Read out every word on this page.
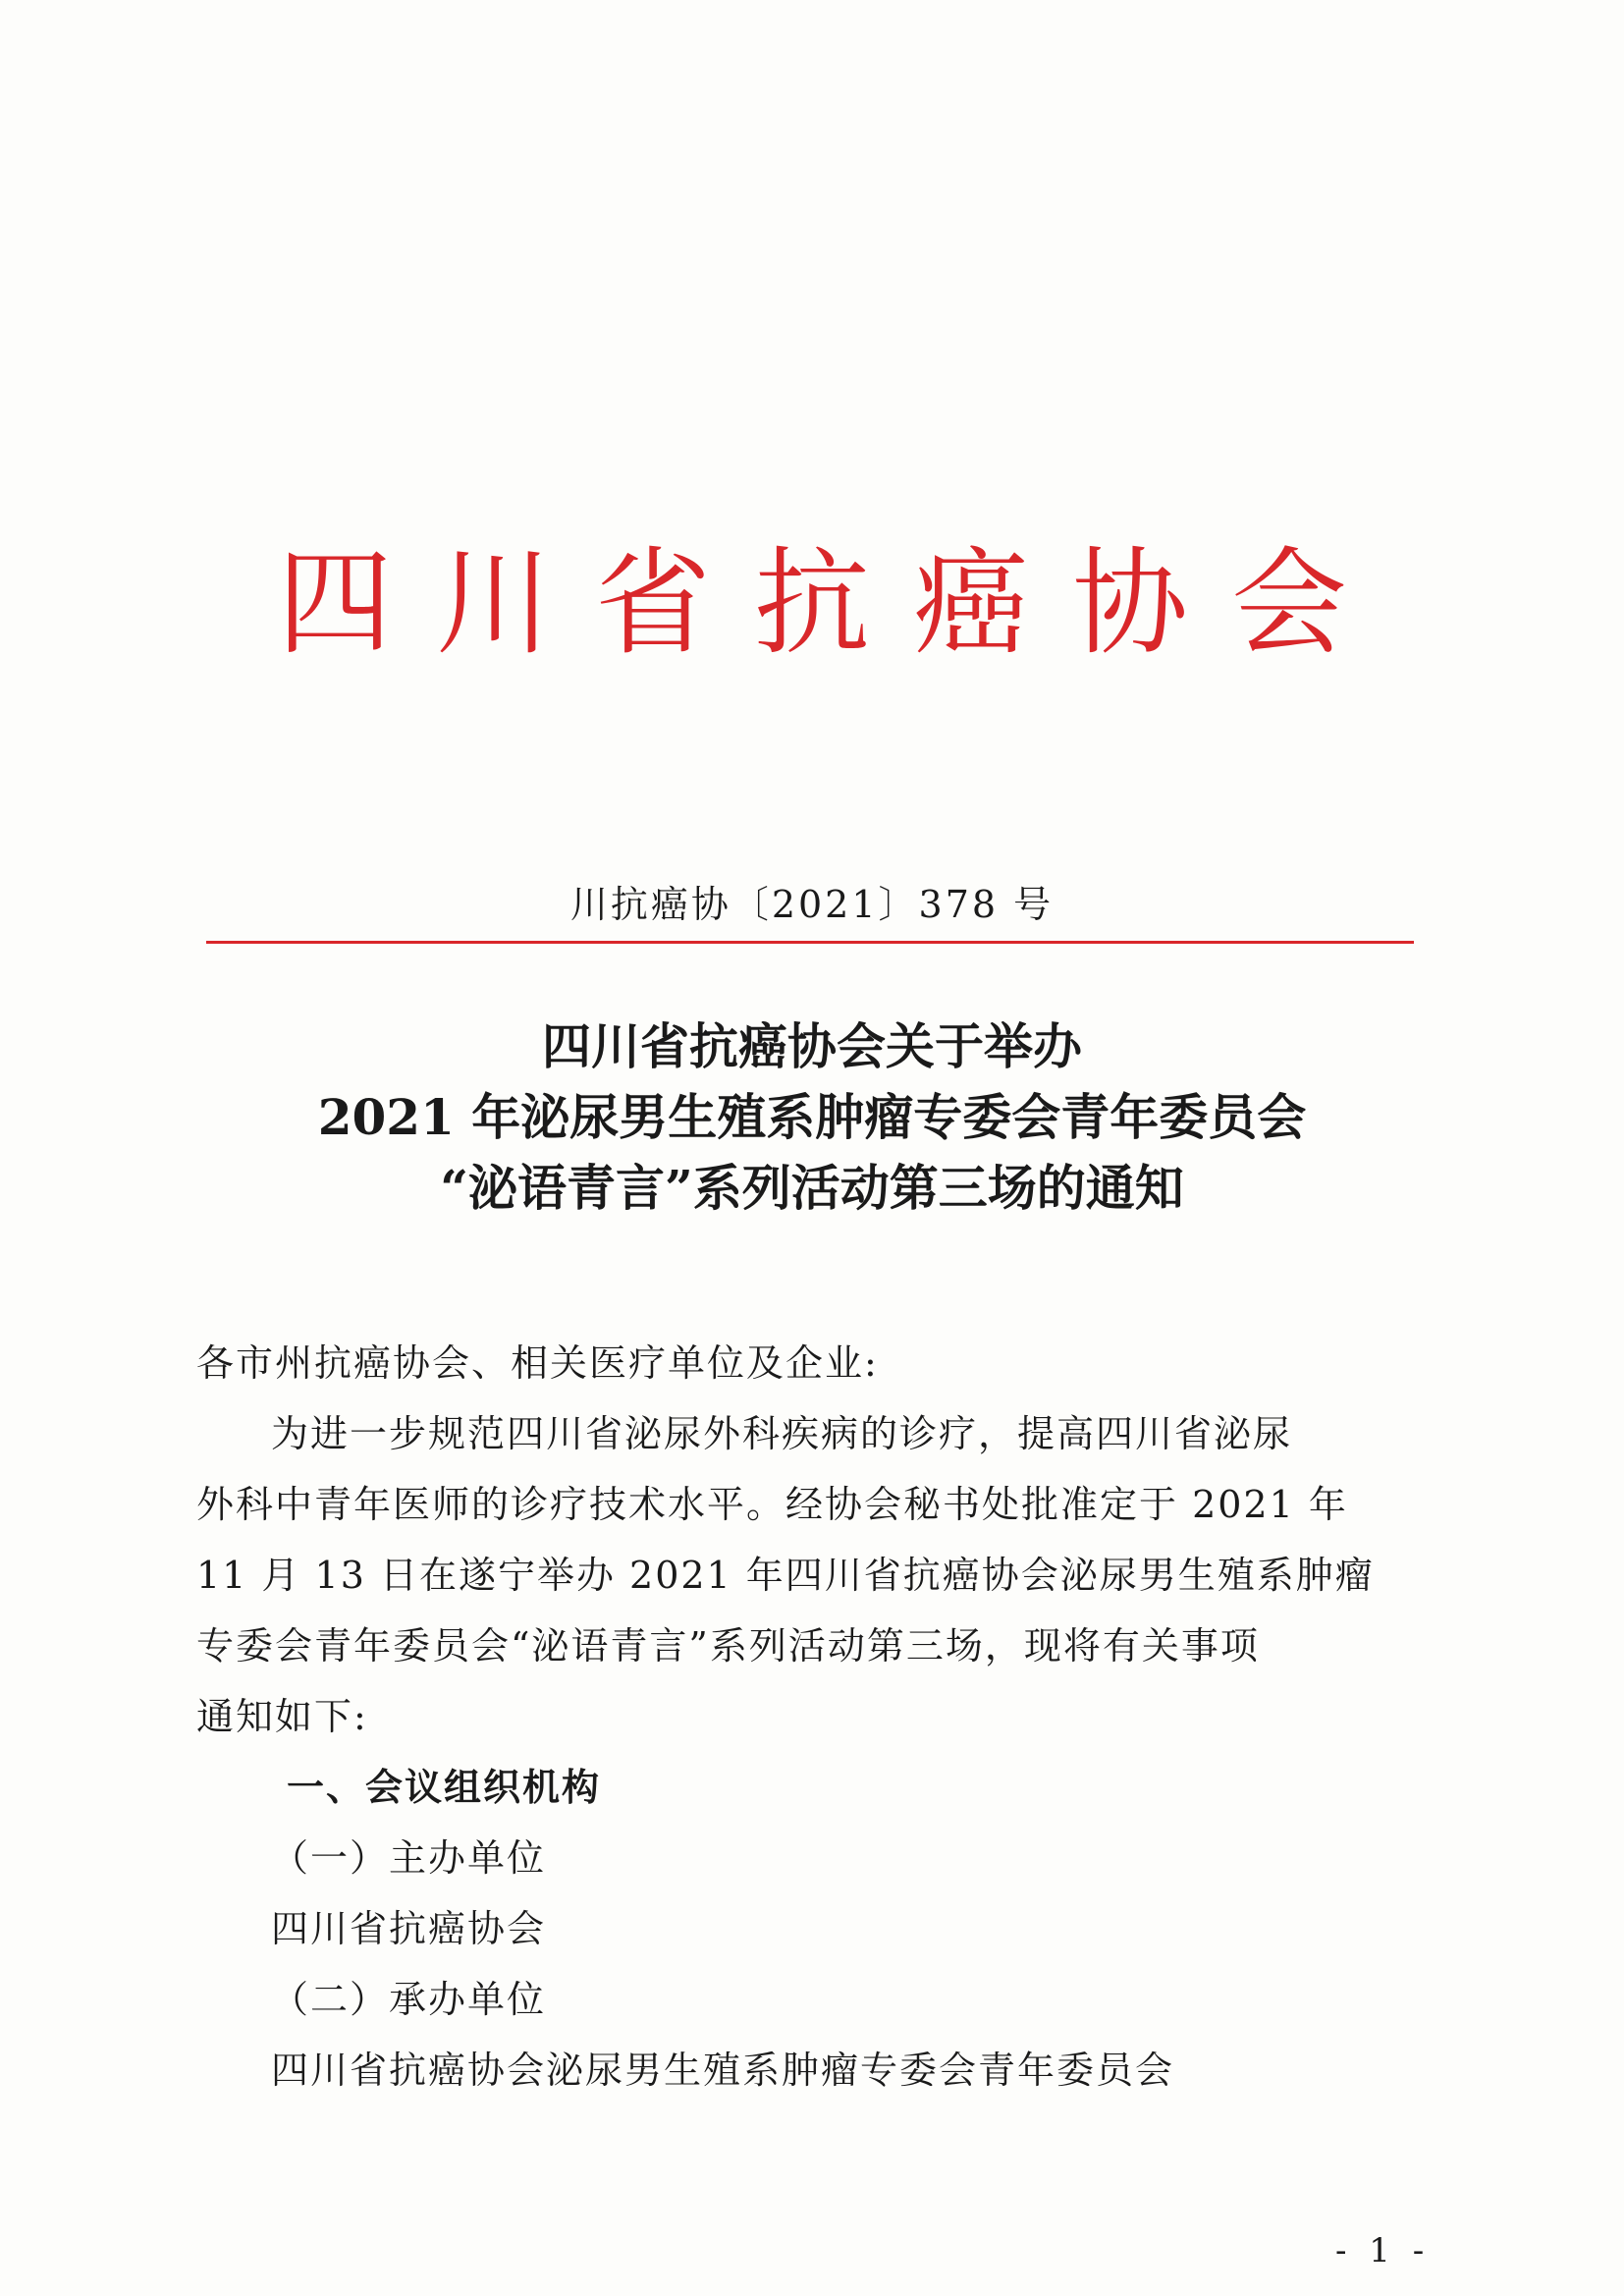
四川省抗癌协会
川抗癌协〔2021〕378 号
四川省抗癌协会关于举办
2021 年泌尿男生殖系肿瘤专委会青年委员会
“泌语青言”系列活动第三场的通知

各市州抗癌协会、相关医疗单位及企业:

为进一步规范四川省泌尿外科疾病的诊疗，提高四川省泌尿

外科中青年医师的诊疗技术水平。经协会秘书处批准定于 2021 年

11 月 13 日在遂宁举办 2021 年四川省抗癌协会泌尿男生殖系肿瘤

专委会青年委员会“泌语青言”系列活动第三场，现将有关事项

通知如下:

一、会议组织机构

（一）主办单位

四川省抗癌协会

（二）承办单位

四川省抗癌协会泌尿男生殖系肿瘤专委会青年委员会

- 1 -
